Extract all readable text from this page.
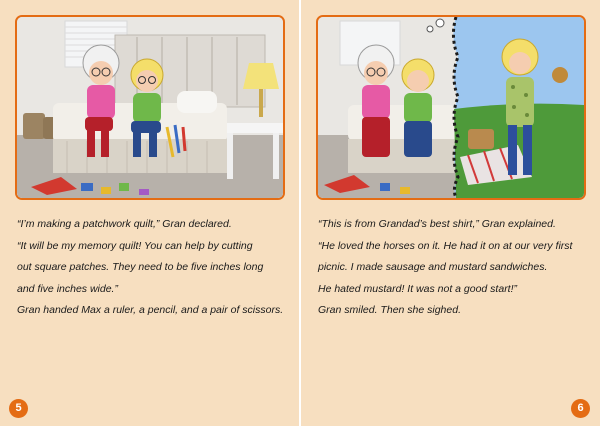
“I’m making a patchwork quilt,” Gran declared.

“It will be my memory quilt! You can help by cutting

out square patches. They need to be five inches long

and five inches wide.”

Gran handed Max a ruler, a pencil, and a pair of scissors.

5

“This is from Grandad’s best shirt,” Gran explained.

“He loved the horses on it. He had it on at our very first

picnic. I made sausage and mustard sandwiches.

He hated mustard! It was not a good start!”

Gran smiled. Then she sighed.

6
